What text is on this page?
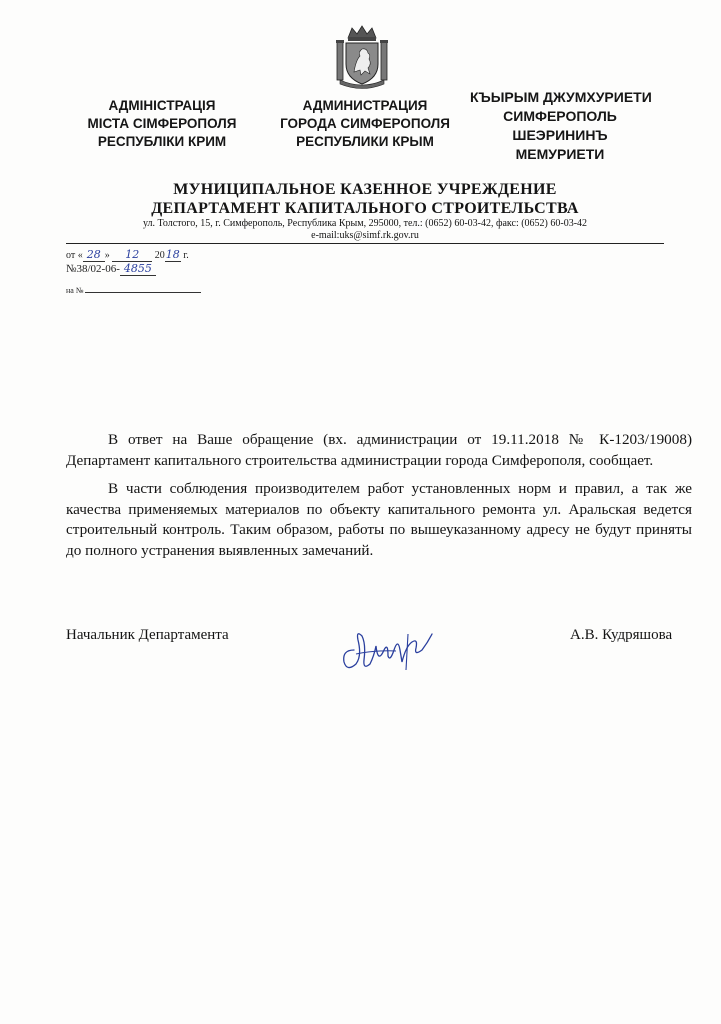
АДМІНІСТРАЦІЯ
МІСТА СІМФЕРОПОЛЯ
РЕСПУБЛІКИ КРИМ
АДМИНИСТРАЦИЯ
ГОРОДА СИМФЕРОПОЛЯ
РЕСПУБЛИКИ КРЫМ
КЪЫРЫМ ДЖУМХУРИЕТИ
СИМФЕРОПОЛЬ
ШЕЭРИНИНЪ
МЕМУРИЕТИ
МУНИЦИПАЛЬНОЕ КАЗЕННОЕ УЧРЕЖДЕНИЕ
ДЕПАРТАМЕНТ КАПИТАЛЬНОГО СТРОИТЕЛЬСТВА
ул. Толстого, 15, г. Симферополь, Республика Крым, 295000, тел.: (0652) 60-03-42, факс: (0652) 60-03-42
e-mail:uks@simf.rk.gov.ru
от « 28 » 12 2018 г.
№38/02-06- 4855
на №

В ответ на Ваше обращение (вх. администрации от 19.11.2018 № К-1203/19008) Департамент капитального строительства администрации города Симферополя, сообщает.

В части соблюдения производителем работ установленных норм и правил, а так же качества применяемых материалов по объекту капитального ремонта ул. Аральская ведется строительный контроль. Таким образом, работы по вышеуказанному адресу не будут приняты до полного устранения выявленных замечаний.

Начальник Департамента	А.В. Кудряшова
